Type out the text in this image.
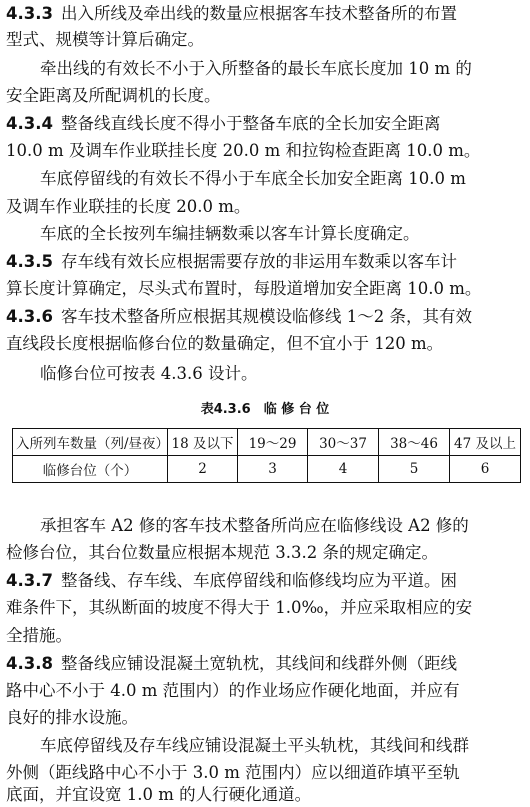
4.3.3 出入所线及牵出线的数量应根据客车技术整备所的布置
型式、规模等计算后确定。
牵出线的有效长不小于入所整备的最长车底长度加 10 m 的
安全距离及所配调机的长度。
4.3.4 整备线直线长度不得小于整备车底的全长加安全距离
10.0 m 及调车作业联挂长度 20.0 m 和拉钩检查距离 10.0 m。
车底停留线的有效长不得小于车底全长加安全距离 10.0 m
及调车作业联挂的长度 20.0 m。
车底的全长按列车编挂辆数乘以客车计算长度确定。
4.3.5 存车线有效长应根据需要存放的非运用车数乘以客车计
算长度计算确定，尽头式布置时，每股道增加安全距离 10.0 m。
4.3.6 客车技术整备所应根据其规模设临修线 1～2 条，其有效
直线段长度根据临修台位的数量确定，但不宜小于 120 m。
临修台位可按表 4.3.6 设计。
表4.3.6　临 修 台 位
入所列车数量（列/昼夜）	18 及以下	19～29	30～37	38～46	47 及以上
临修台位（个）	2	3	4	5	6
承担客车 A2 修的客车技术整备所尚应在临修线设 A2 修的
检修台位，其台位数量应根据本规范 3.3.2 条的规定确定。
4.3.7 整备线、存车线、车底停留线和临修线均应为平道。困
难条件下，其纵断面的坡度不得大于 1.0‰，并应采取相应的安
全措施。
4.3.8 整备线应铺设混凝土宽轨枕，其线间和线群外侧（距线
路中心不小于 4.0 m 范围内）的作业场应作硬化地面，并应有
良好的排水设施。
车底停留线及存车线应铺设混凝土平头轨枕，其线间和线群
外侧（距线路中心不小于 3.0 m 范围内）应以细道砟填平至轨
底面，并宜设宽 1.0 m 的人行硬化通道。
